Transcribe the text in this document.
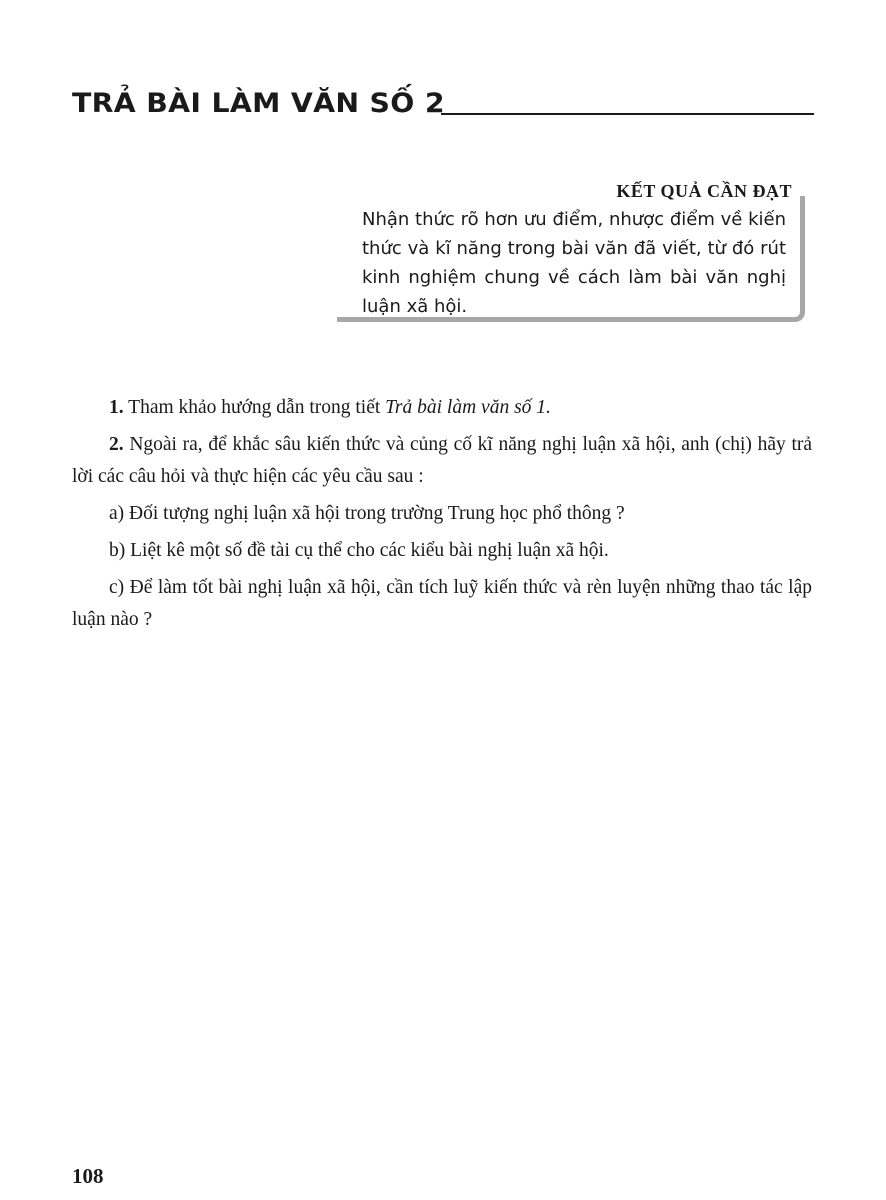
TRẢ BÀI LÀM VĂN SỐ 2
KẾT QUẢ CẦN ĐẠT
Nhận thức rõ hơn ưu điểm, nhược điểm về kiến thức và kĩ năng trong bài văn đã viết, từ đó rút kinh nghiệm chung về cách làm bài văn nghị luận xã hội.

1. Tham khảo hướng dẫn trong tiết Trả bài làm văn số 1.

2. Ngoài ra, để khắc sâu kiến thức và củng cố kĩ năng nghị luận xã hội, anh (chị) hãy trả lời các câu hỏi và thực hiện các yêu cầu sau :

a) Đối tượng nghị luận xã hội trong trường Trung học phổ thông ?

b) Liệt kê một số đề tài cụ thể cho các kiểu bài nghị luận xã hội.

c) Để làm tốt bài nghị luận xã hội, cần tích luỹ kiến thức và rèn luyện những thao tác lập luận nào ?

108
